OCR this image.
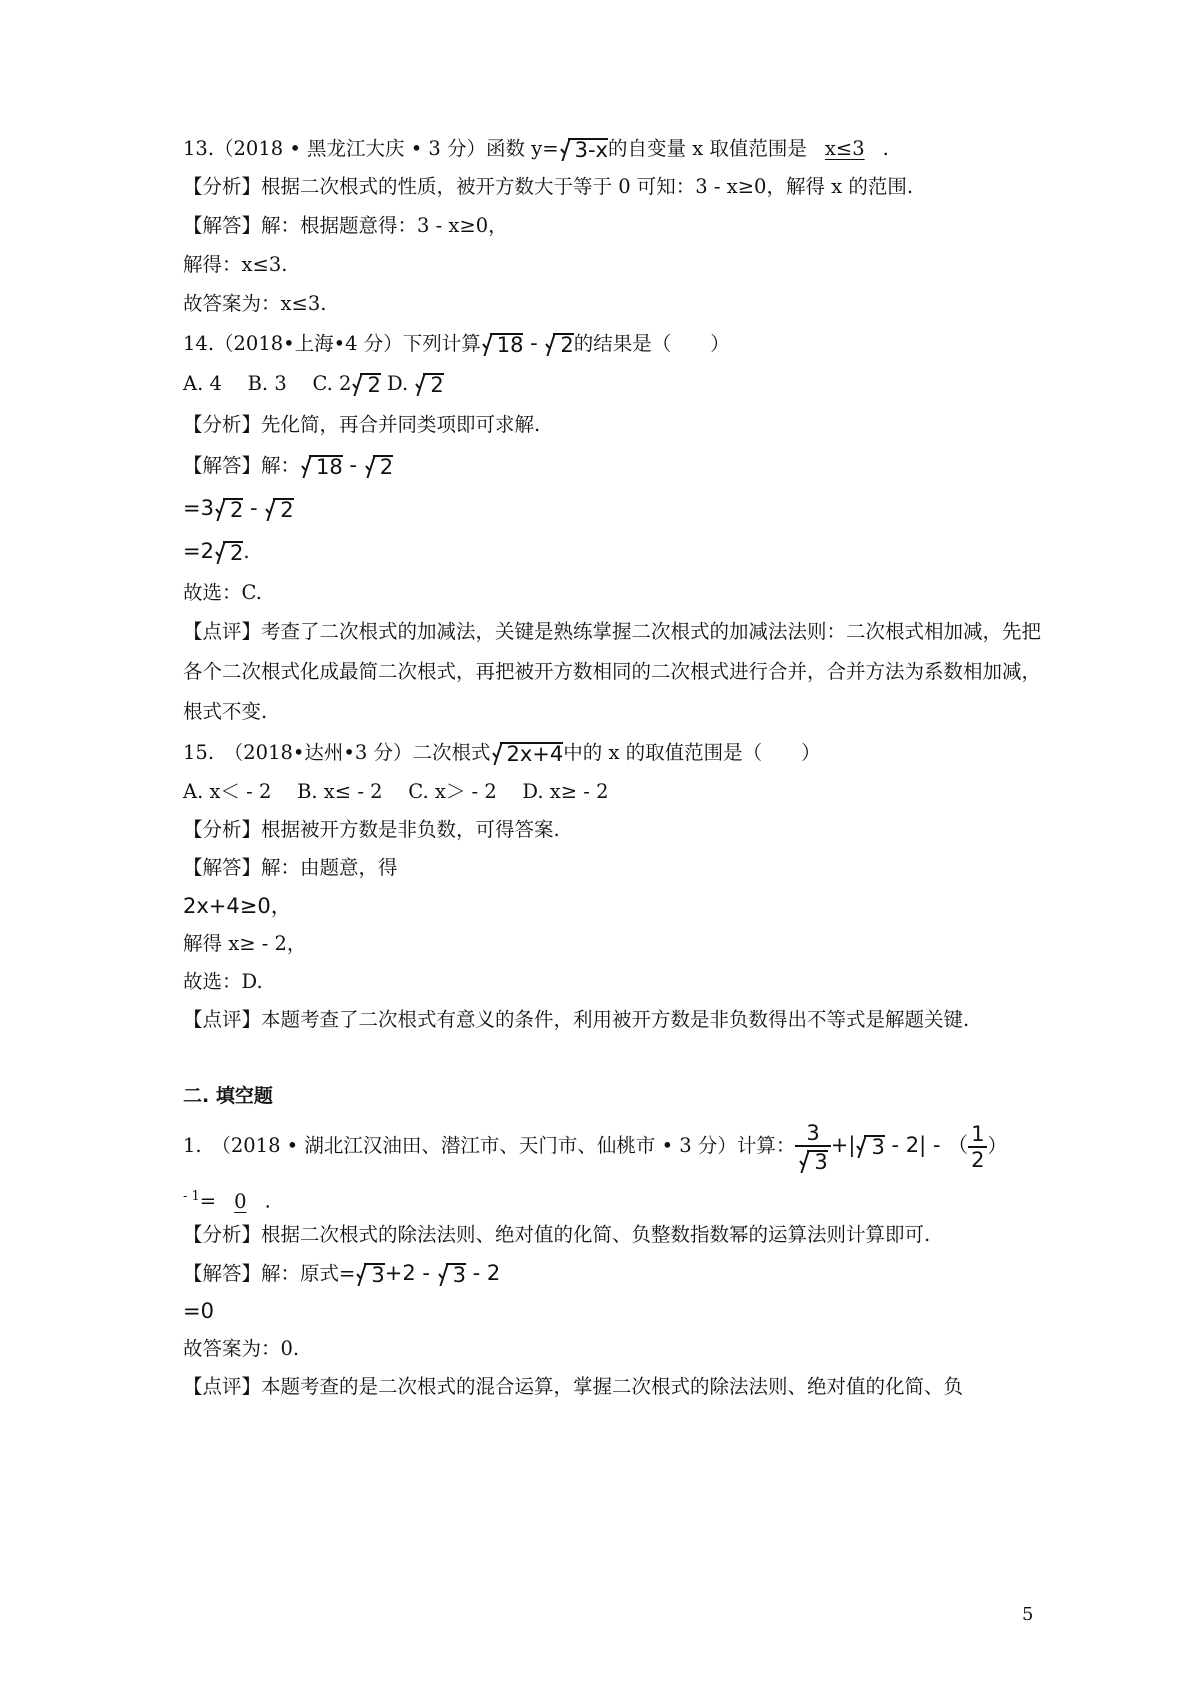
13.（2018 • 黑龙江大庆 • 3 分）函数 y= 3-x的自变量 x 取值范围是 x≤3 .
【分析】根据二次根式的性质，被开方数大于等于 0 可知：3 - x≥0，解得 x 的范围.
【解答】解：根据题意得：3 - x≥0，
解得：x≤3.
故答案为：x≤3.
14.（2018•上海•4 分）下列计算 18 -
2的结果是（　　）
A. 4　 B. 3　 C. 2 2 D. 2
【分析】先化简，再合并同类项即可求解.
【解答】解： 18 -
2
=3 2 -
2
=2 2.
故选：C.
【点评】考查了二次根式的加减法，关键是熟练掌握二次根式的加减法法则：二次根式相加减，先把各个二次根式化成最简二次根式，再把被开方数相同的二次根式进行合并，合并方法为系数相加减，根式不变.
15.　（2018•达州•3 分）二次根式 2x+4中的 x 的取值范围是（　　）
A. x＜ - 2　 B. x≤ - 2　 C. x＞ - 2　 D. x≥ - 2
【分析】根据被开方数是非负数，可得答案.
【解答】解：由题意，得
2x+4≥0，
解得 x≥ - 2，
故选：D.
【点评】本题考查了二次根式有意义的条件，利用被开方数是非负数得出不等式是解题关键.
二. 填空题
1.　（2018 • 湖北江汉油田、潜江市、天门市、仙桃市 • 3 分）计算： $\frac{3}{3}$ +| 3 - 2| - （ $\frac{1}{2}$ ）
$^{- 1}$= 0 .
【分析】根据二次根式的除法法则、绝对值的化简、负整数指数幂的运算法则计算即可.
【解答】解：原式= 3+2 -
3 - 2
=0
故答案为：0.
【点评】本题考查的是二次根式的混合运算，掌握二次根式的除法法则、绝对值的化简、负
5
